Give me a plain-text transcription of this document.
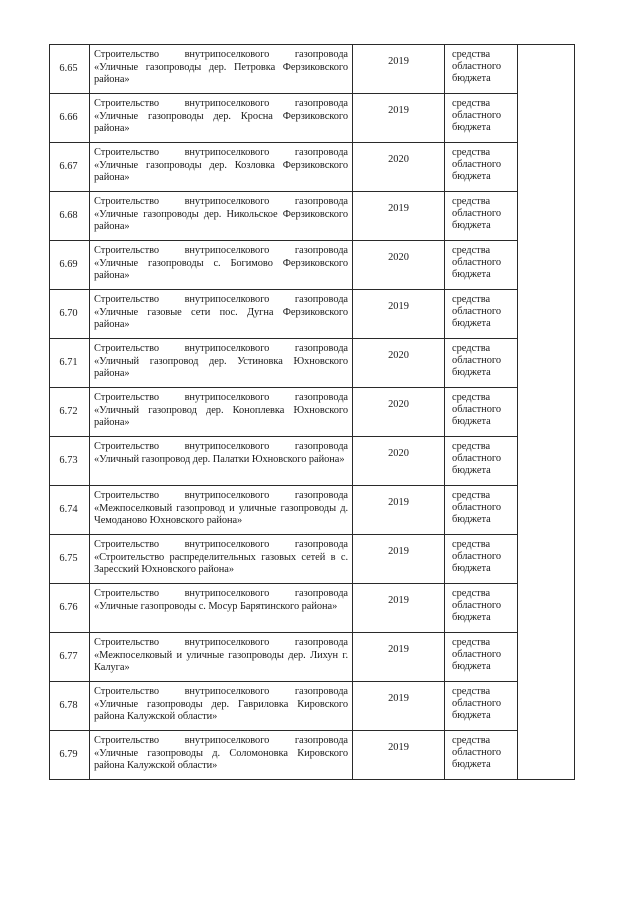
6.65	Строительство внутрипоселкового газопровода «Уличные газопроводы дер. Петровка Ферзиковского района»	2019	средства
областного
бюджета	

6.66	Строительство внутрипоселкового газопровода «Уличные газопроводы дер. Кросна Ферзиковского района»	2019	средства
областного
бюджета	

6.67	Строительство внутрипоселкового газопровода «Уличные газопроводы дер. Козловка Ферзиковского района»	2020	средства
областного
бюджета	

6.68	Строительство внутрипоселкового газопровода «Уличные газопроводы дер. Никольское Ферзиковского района»	2019	средства
областного
бюджета	

6.69	Строительство внутрипоселкового газопровода «Уличные газопроводы с. Богимово Ферзиковского района»	2020	средства
областного
бюджета	

6.70	Строительство внутрипоселкового газопровода «Уличные газовые сети пос. Дугна Ферзиковского района»	2019	средства
областного
бюджета	

6.71	Строительство внутрипоселкового газопровода «Уличный газопровод дер. Устиновка Юхновского района»	2020	средства
областного
бюджета	

6.72	Строительство внутрипоселкового газопровода «Уличный газопровод дер. Коноплевка Юхновского района»	2020	средства
областного
бюджета	

6.73	Строительство внутрипоселкового газопровода «Уличный газопровод дер. Палатки Юхновского района»	2020	средства
областного
бюджета	

6.74	Строительство внутрипоселкового газопровода «Межпоселковый газопровод и уличные газопроводы д. Чемоданово Юхновского района»	2019	средства
областного
бюджета	

6.75	Строительство внутрипоселкового газопровода «Строительство распределительных газовых сетей в с. Заресский Юхновского района»	2019	средства
областного
бюджета	

6.76	Строительство внутрипоселкового газопровода «Уличные газопроводы с. Мосур Барятинского района»	2019	средства
областного
бюджета	

6.77	Строительство внутрипоселкового газопровода «Межпоселковый и уличные газопроводы дер. Лихун г. Калуга»	2019	средства
областного
бюджета	

6.78	Строительство внутрипоселкового газопровода «Уличные газопроводы дер. Гавриловка Кировского района Калужской области»	2019	средства
областного
бюджета	

6.79	Строительство внутрипоселкового газопровода «Уличные газопроводы д. Соломоновка Кировского района Калужской области»	2019	средства
областного
бюджета	
